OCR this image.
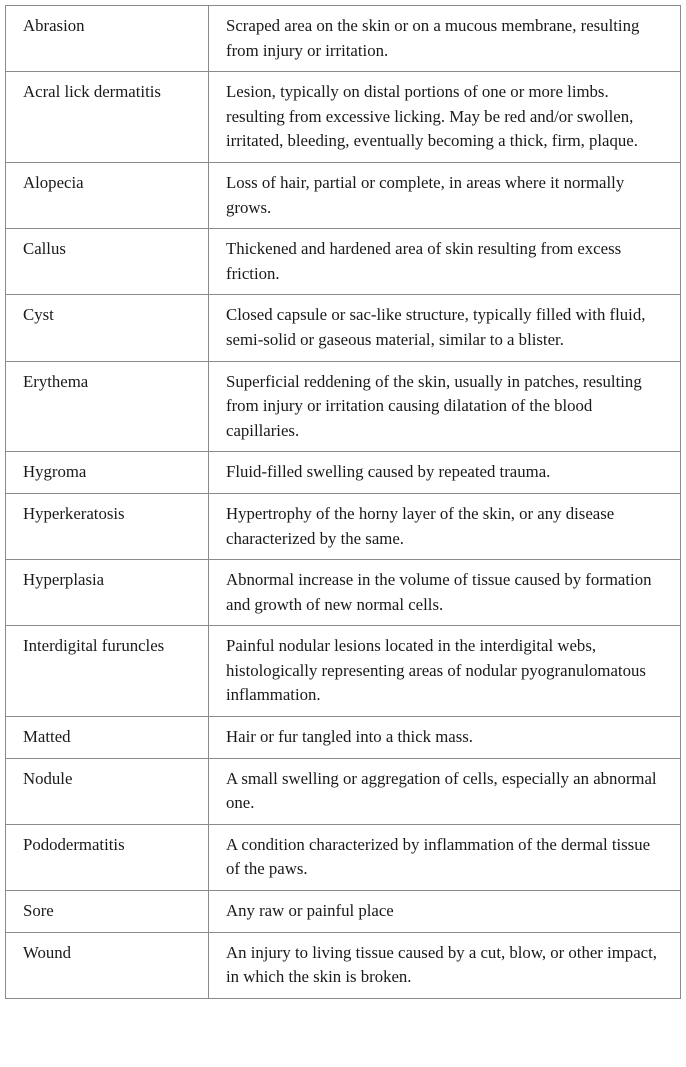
Abrasion	Scraped area on the skin or on a mucous membrane, resulting from injury or irritation.
Acral lick dermatitis	Lesion, typically on distal portions of one or more limbs. resulting from excessive licking. May be red and/or swollen, irritated, bleeding, eventually becoming a thick, firm, plaque.
Alopecia	Loss of hair, partial or complete, in areas where it normally grows.
Callus	Thickened and hardened area of skin resulting from excess friction.
Cyst	Closed capsule or sac-like structure, typically filled with fluid, semi-solid or gaseous material, similar to a blister.
Erythema	Superficial reddening of the skin, usually in patches, resulting from injury or irritation causing dilatation of the blood capillaries.
Hygroma	Fluid-filled swelling caused by repeated trauma.
Hyperkeratosis	Hypertrophy of the horny layer of the skin, or any disease characterized by the same.
Hyperplasia	Abnormal increase in the volume of tissue caused by formation and growth of new normal cells.
Interdigital furuncles	Painful nodular lesions located in the interdigital webs, histologically representing areas of nodular pyogranulomatous inflammation.
Matted	Hair or fur tangled into a thick mass.
Nodule	A small swelling or aggregation of cells, especially an abnormal one.
Pododermatitis	A condition characterized by inflammation of the dermal tissue of the paws.
Sore	Any raw or painful place
Wound	An injury to living tissue caused by a cut, blow, or other impact, in which the skin is broken.
